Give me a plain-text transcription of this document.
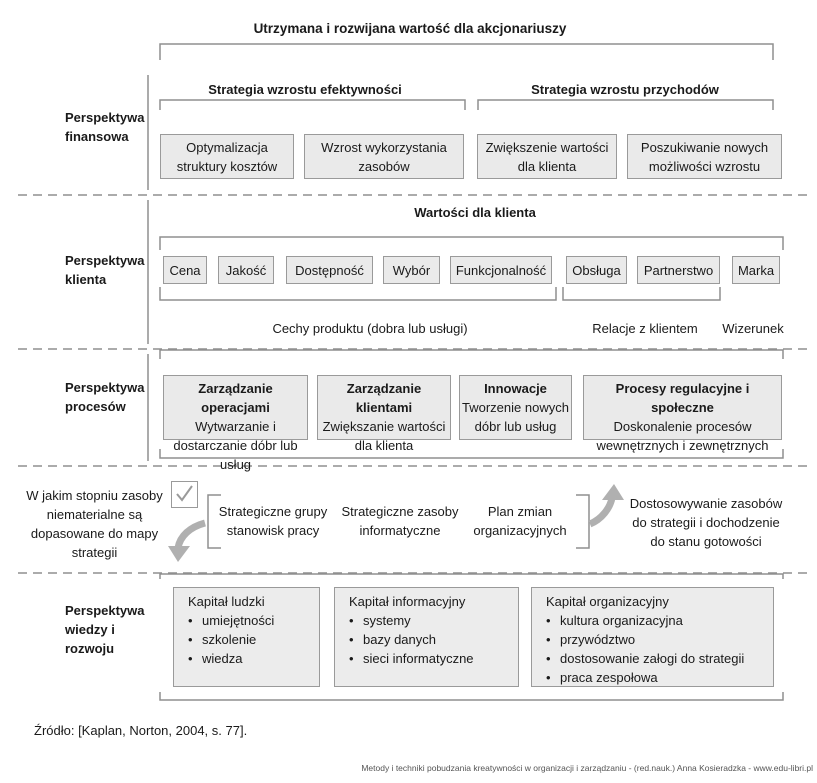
Utrzymana i rozwijana wartość dla akcjonariuszy
Perspektywa finansowa
Perspektywa klienta
Perspektywa procesów
Perspektywa wiedzy i rozwoju
Strategia wzrostu efektywności	Strategia wzrostu przychodów
Optymalizacja struktury kosztów
Wzrost wykorzystania zasobów
Zwiększenie wartości dla klienta
Poszukiwanie nowych możliwości wzrostu
Wartości dla klienta
Cena	Jakość	Dostępność	Wybór	Funkcjonalność	Obsługa	Partnerstwo	Marka
Cechy produktu (dobra lub usługi)	Relacje z klientem	Wizerunek
Zarządzanie operacjami
Wytwarzanie i dostarczanie dóbr lub usług
Zarządzanie klientami
Zwiększanie wartości dla klienta
Innowacje
Tworzenie nowych dóbr lub usług
Procesy regulacyjne i społeczne
Doskonalenie procesów wewnętrznych i zewnętrznych
W jakim stopniu zasoby niematerialne są dopasowane do mapy strategii
Strategiczne grupy stanowisk pracy
Strategiczne zasoby informatyczne
Plan zmian organizacyjnych
Dostosowywanie zasobów do strategii i dochodzenie do stanu gotowości
Kapitał ludzki
• umiejętności
• szkolenie
• wiedza
Kapitał informacyjny
• systemy
• bazy danych
• sieci informatyczne
Kapitał organizacyjny
• kultura organizacyjna
• przywództwo
• dostosowanie załogi do strategii
• praca zespołowa
Źródło: [Kaplan, Norton, 2004, s. 77].
Metody i techniki pobudzania kreatywności w organizacji i zarządzaniu - (red.nauk.) Anna Kosieradzka - www.edu-libri.pl
